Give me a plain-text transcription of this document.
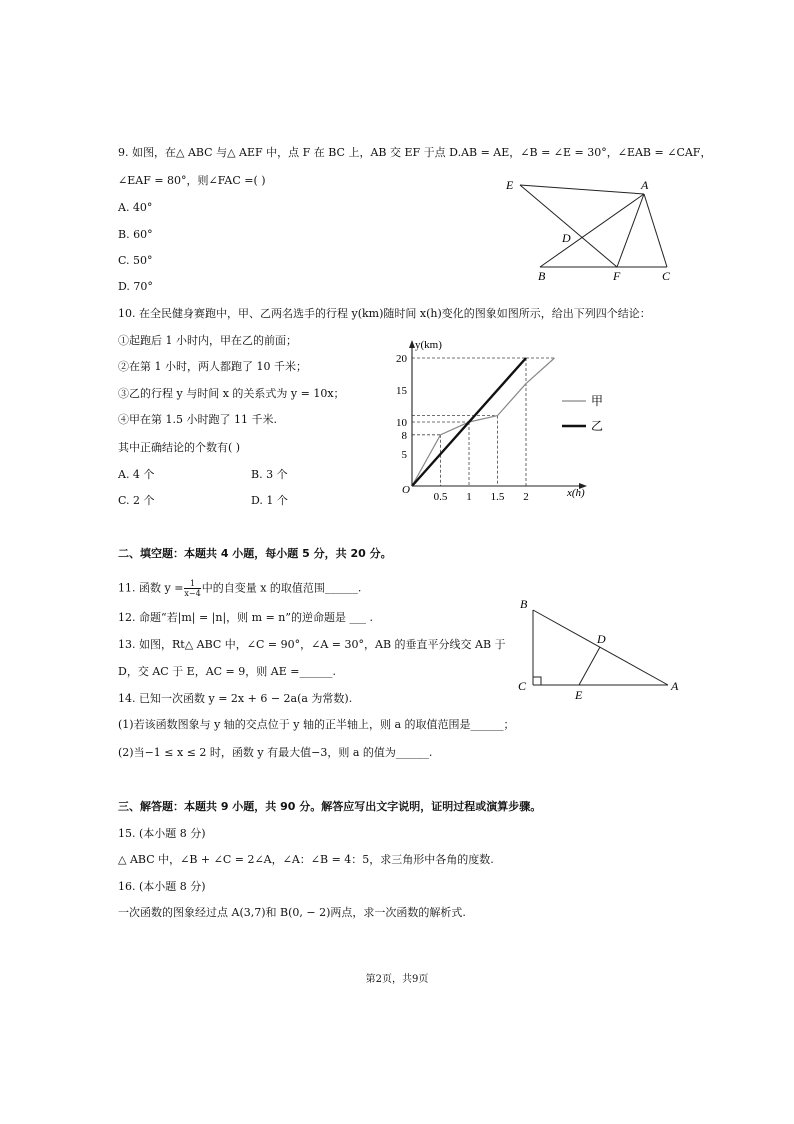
9. 如图，在△ ABC 与△ AEF 中，点 F 在 BC 上，AB 交 EF 于点 D.AB = AE，∠B = ∠E = 30°，∠EAB = ∠CAF，
∠EAF = 80°，则∠FAC =( )
A. 40°
B. 60°
C. 50°
D. 70°
E	A
D
B	F	C
10. 在全民健身赛跑中，甲、乙两名选手的行程 y(km)随时间 x(h)变化的图象如图所示，给出下列四个结论：
①起跑后 1 小时内，甲在乙的前面；
②在第 1 小时，两人都跑了 10 千米；
③乙的行程 y 与时间 x 的关系式为 y = 10x；
④甲在第 1.5 小时跑了 11 千米.
其中正确结论的个数有( )
A. 4 个	B. 3 个
C. 2 个	D. 1 个	0.5 1 1.5 2
5
8
10
15
20
y(km)
x(h)
O
甲
乙
二、填空题：本题共 4 小题，每小题 5 分，共 20 分。
11. 函数 $y = \frac{1}{x-4}$ 中的自变量 x 的取值范围______.
12. 命题“若|m| = |n|，则 m = n”的逆命题是 ___ .
13. 如图，Rt△ ABC 中，∠C = 90°，∠A = 30°，AB 的垂直平分线交 AB 于
D，交 AC 于 E，AC = 9，则 AE =______.
14. 已知一次函数 y = 2x + 6 − 2a(a 为常数).
(1)若该函数图象与 y 轴的交点位于 y 轴的正半轴上，则 a 的取值范围是______；
(2)当−1 ≤ x ≤ 2 时，函数 y 有最大值−3，则 a 的值为______.
B
D
C
E
A
三、解答题：本题共 9 小题，共 90 分。解答应写出文字说明，证明过程或演算步骤。
15. (本小题 8 分)
△ ABC 中，∠B + ∠C = 2∠A，∠A：∠B = 4：5，求三角形中各角的度数.
16. (本小题 8 分)
一次函数的图象经过点 A(3,7)和 B(0, − 2)两点，求一次函数的解析式.
第2页，共9页
